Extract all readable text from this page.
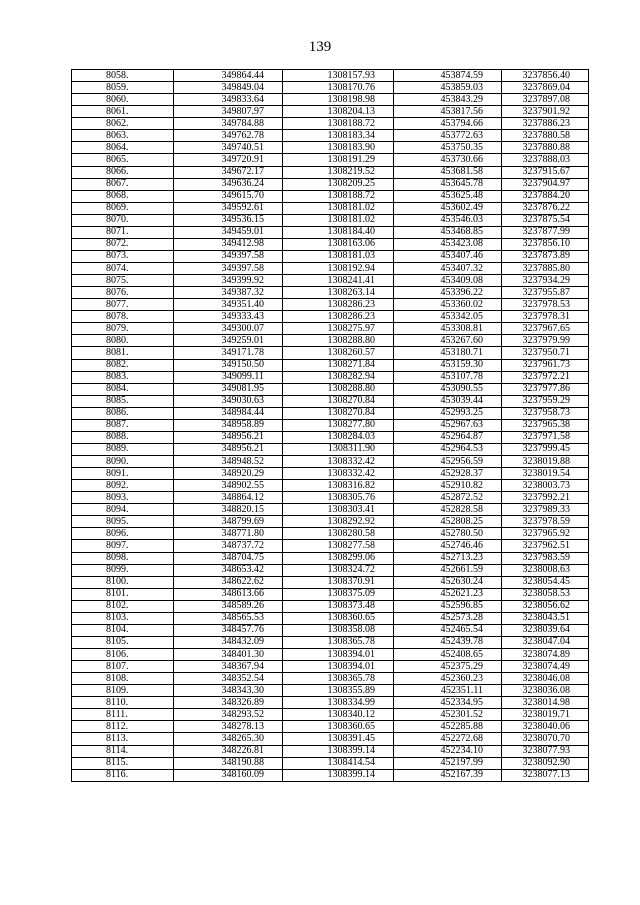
139
8058.	349864.44	1308157.93	453874.59	3237856.40
8059.	349849.04	1308170.76	453859.03	3237869.04
8060.	349833.64	1308198.98	453843.29	3237897.08
8061.	349807.97	1308204.13	453817.56	3237901.92
8062.	349784.88	1308188.72	453794.66	3237886.23
8063.	349762.78	1308183.34	453772.63	3237880.58
8064.	349740.51	1308183.90	453750.35	3237880.88
8065.	349720.91	1308191.29	453730.66	3237888.03
8066.	349672.17	1308219.52	453681.58	3237915.67
8067.	349636.24	1308209.25	453645.78	3237904.97
8068.	349615.70	1308188.72	453625.48	3237884.20
8069.	349592.61	1308181.02	453602.49	3237876.22
8070.	349536.15	1308181.02	453546.03	3237875.54
8071.	349459.01	1308184.40	453468.85	3237877.99
8072.	349412.98	1308163.06	453423.08	3237856.10
8073.	349397.58	1308181.03	453407.46	3237873.89
8074.	349397.58	1308192.94	453407.32	3237885.80
8075.	349399.92	1308241.41	453409.08	3237934.29
8076.	349387.32	1308263.14	453396.22	3237955.87
8077.	349351.40	1308286.23	453360.02	3237978.53
8078.	349333.43	1308286.23	453342.05	3237978.31
8079.	349300.07	1308275.97	453308.81	3237967.65
8080.	349259.01	1308288.80	453267.60	3237979.99
8081.	349171.78	1308260.57	453180.71	3237950.71
8082.	349150.50	1308271.84	453159.30	3237961.73
8083.	349099.11	1308282.94	453107.78	3237972.21
8084.	349081.95	1308288.80	453090.55	3237977.86
8085.	349030.63	1308270.84	453039.44	3237959.29
8086.	348984.44	1308270.84	452993.25	3237958.73
8087.	348958.89	1308277.80	452967.63	3237965.38
8088.	348956.21	1308284.03	452964.87	3237971.58
8089.	348956.21	1308311.90	452964.53	3237999.45
8090.	348948.52	1308332.42	452956.59	3238019.88
8091.	348920.29	1308332.42	452928.37	3238019.54
8092.	348902.55	1308316.82	452910.82	3238003.73
8093.	348864.12	1308305.76	452872.52	3237992.21
8094.	348820.15	1308303.41	452828.58	3237989.33
8095.	348799.69	1308292.92	452808.25	3237978.59
8096.	348771.80	1308280.58	452780.50	3237965.92
8097.	348737.72	1308277.58	452746.46	3237962.51
8098.	348704.75	1308299.06	452713.23	3237983.59
8099.	348653.42	1308324.72	452661.59	3238008.63
8100.	348622.62	1308370.91	452630.24	3238054.45
8101.	348613.66	1308375.09	452621.23	3238058.53
8102.	348589.26	1308373.48	452596.85	3238056.62
8103.	348565.53	1308360.65	452573.28	3238043.51
8104.	348457.76	1308358.08	452465.54	3238039.64
8105.	348432.09	1308365.78	452439.78	3238047.04
8106.	348401.30	1308394.01	452408.65	3238074.89
8107.	348367.94	1308394.01	452375.29	3238074.49
8108.	348352.54	1308365.78	452360.23	3238046.08
8109.	348343.30	1308355.89	452351.11	3238036.08
8110.	348326.89	1308334.99	452334.95	3238014.98
8111.	348293.52	1308340.12	452301.52	3238019.71
8112.	348278.13	1308360.65	452285.88	3238040.06
8113.	348265.30	1308391.45	452272.68	3238070.70
8114.	348226.81	1308399.14	452234.10	3238077.93
8115.	348190.88	1308414.54	452197.99	3238092.90
8116.	348160.09	1308399.14	452167.39	3238077.13
